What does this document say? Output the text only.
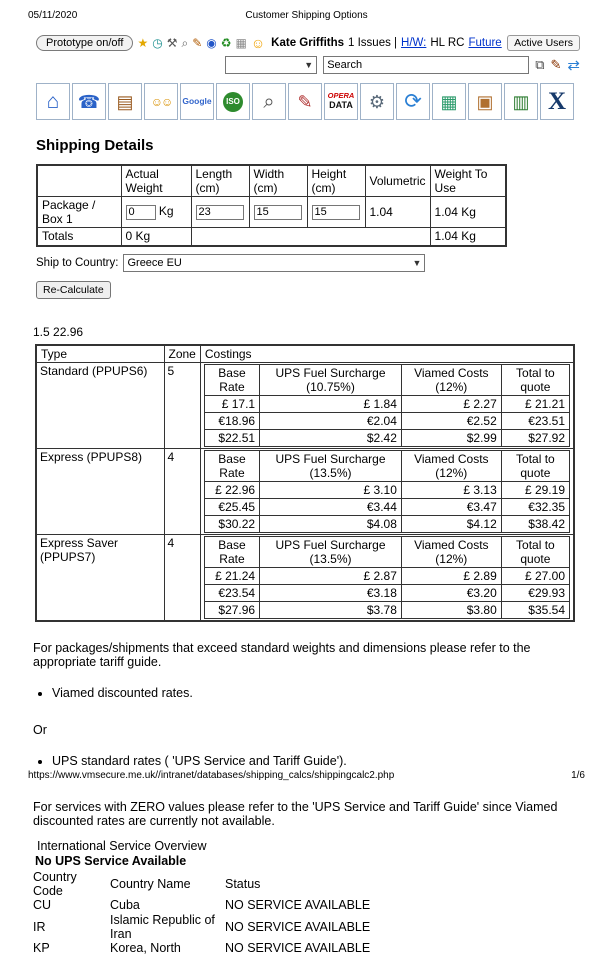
05/11/2020	Customer Shipping Options
Prototype on/off	★ ◷ ⚒ ⌕ ✎ ◉ ♻ ▦ ☺ Kate Griffiths 1 Issues | H/W: HL RC Future	Active Users
▼
Search	⧉ ✎ ⇄
⌂ ☎ ▤ ☺☺ Google	ISO ⌕ ✎ OPERA
DATA ⚙ ⟳ ▦ ▣ ▥ X
Shipping Details
	Actual Weight	Length (cm)	Width (cm)	Height (cm)	Volumetric	Weight To Use
Package / Box 1	0 Kg	23	15	15	1.04	1.04 Kg
Totals	0 Kg					1.04 Kg
Ship to Country: Greece EU	▼
Re-Calculate
1.5 22.96
Type	Zone	Costings
Standard (PPUPS6)	5		Base Rate	UPS Fuel Surcharge (10.75%)	Viamed Costs (12%)	Total to quote
£ 17.1	£ 1.84	£ 2.27	£ 21.21
€18.96	€2.04	€2.52	€23.51
$22.51	$2.42	$2.99	$27.92

Express (PPUPS8)	4		Base Rate	UPS Fuel Surcharge (13.5%)	Viamed Costs (12%)	Total to quote
£ 22.96	£ 3.10	£ 3.13	£ 29.19
€25.45	€3.44	€3.47	€32.35
$30.22	$4.08	$4.12	$38.42

Express Saver (PPUPS7)	4		Base Rate	UPS Fuel Surcharge (13.5%)	Viamed Costs (12%)	Total to quote
£ 21.24	£ 2.87	£ 2.89	£ 27.00
€23.54	€3.18	€3.20	€29.93
$27.96	$3.78	$3.80	$35.54

For packages/shipments that exceed standard weights and dimensions please refer to the appropriate tariff guide.

• Viamed discounted rates.

Or

• UPS standard rates ( 'UPS Service and Tariff Guide').

For services with ZERO values please refer to the 'UPS Service and Tariff Guide' since Viamed discounted rates are currently not available.

International Service Overview

No UPS Service Available

Country Code	Country Name	Status
CU	Cuba	NO SERVICE AVAILABLE
IR	Islamic Republic of Iran	NO SERVICE AVAILABLE
KP	Korea, North	NO SERVICE AVAILABLE
https://www.vmsecure.me.uk//intranet/databases/shipping_calcs/shippingcalc2.php	1/6
